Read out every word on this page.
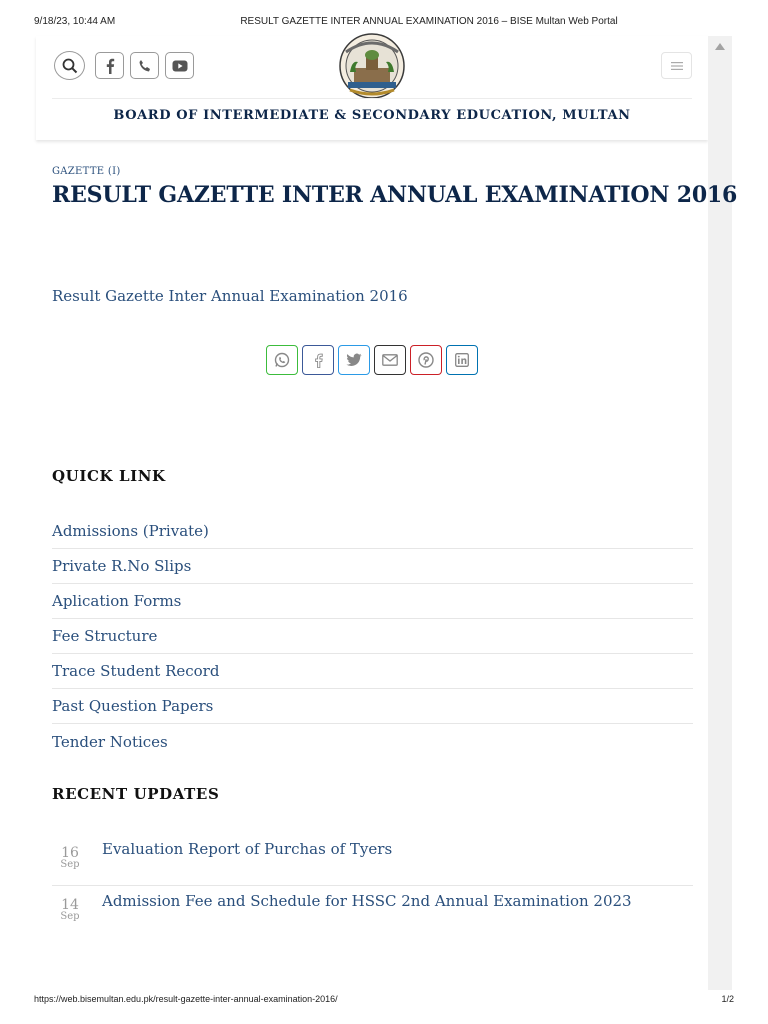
9/18/23, 10:44 AM	RESULT GAZETTE INTER ANNUAL EXAMINATION 2016 – BISE Multan Web Portal
BOARD OF INTERMEDIATE & SECONDARY EDUCATION, MULTAN
GAZETTE (I)
RESULT GAZETTE INTER ANNUAL EXAMINATION 2016
Result Gazette Inter Annual Examination 2016
QUICK LINK
Admissions (Private)
Private R.No Slips
Aplication Forms
Fee Structure
Trace Student Record
Past Question Papers
Tender Notices
RECENT UPDATES
16
Sep
Evaluation Report of Purchas of Tyers
14
Sep
Admission Fee and Schedule for HSSC 2nd Annual Examination 2023
https://web.bisemultan.edu.pk/result-gazette-inter-annual-examination-2016/	1/2
